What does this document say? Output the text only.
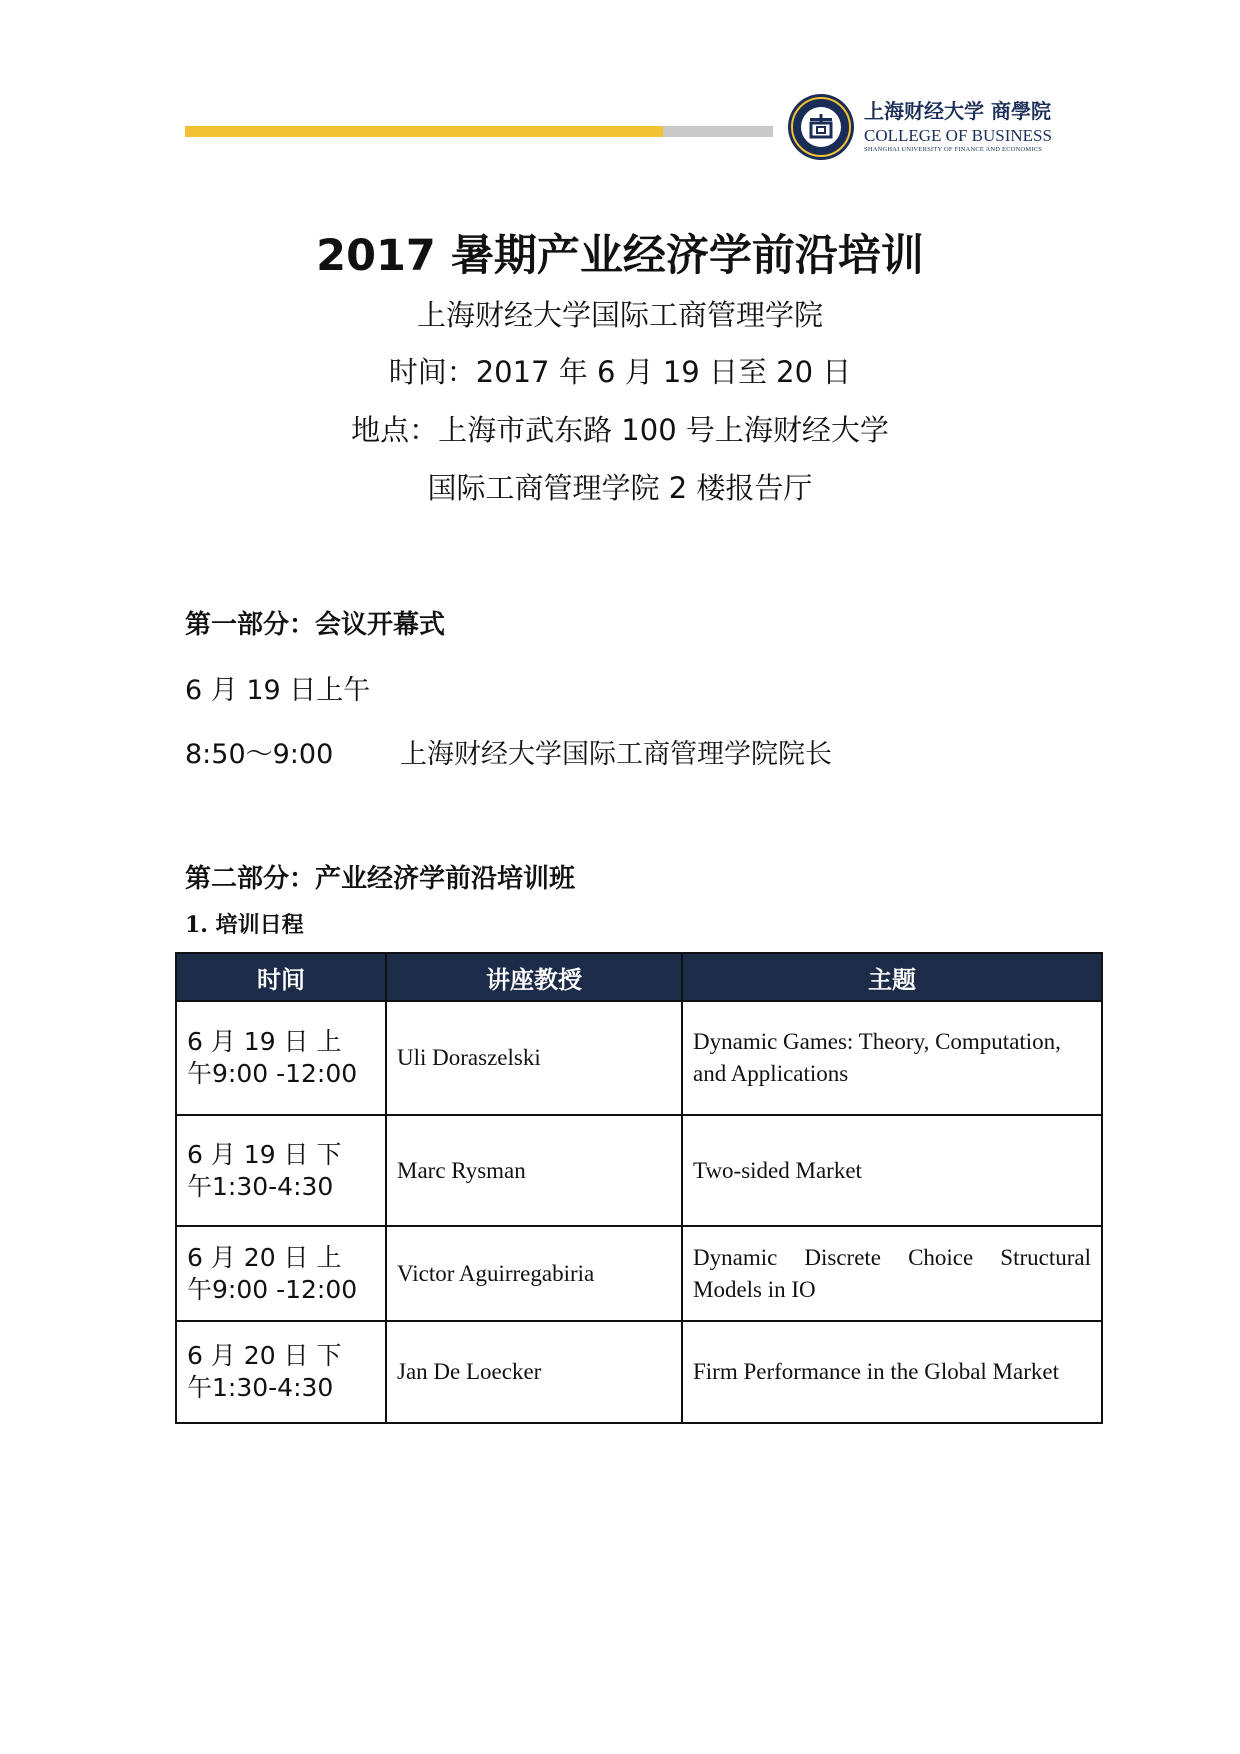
上海财经大学 商學院
COLLEGE OF BUSINESS
SHANGHAI UNIVERSITY OF FINANCE AND ECONOMICS
2017 暑期产业经济学前沿培训
上海财经大学国际工商管理学院
时间：2017 年 6 月 19 日至 20 日
地点：上海市武东路 100 号上海财经大学
国际工商管理学院 2 楼报告厅
第一部分：会议开幕式
6 月 19 日上午
8:50～9:00 上海财经大学国际工商管理学院院长
第二部分：产业经济学前沿培训班
1. 培训日程
时间	讲座教授	主题

6 月 19 日 上
午9:00 -12:00	Uli Doraszelski	Dynamic Games: Theory, Computation, and Applications

6 月 19 日 下
午1:30-4:30	Marc Rysman	Two-sided Market

6 月 20 日 上
午9:00 -12:00	Victor Aguirregabiria	Dynamic Discrete Choice Structural Models in IO

6 月 20 日 下
午1:30-4:30	Jan De Loecker	Firm Performance in the Global Market
